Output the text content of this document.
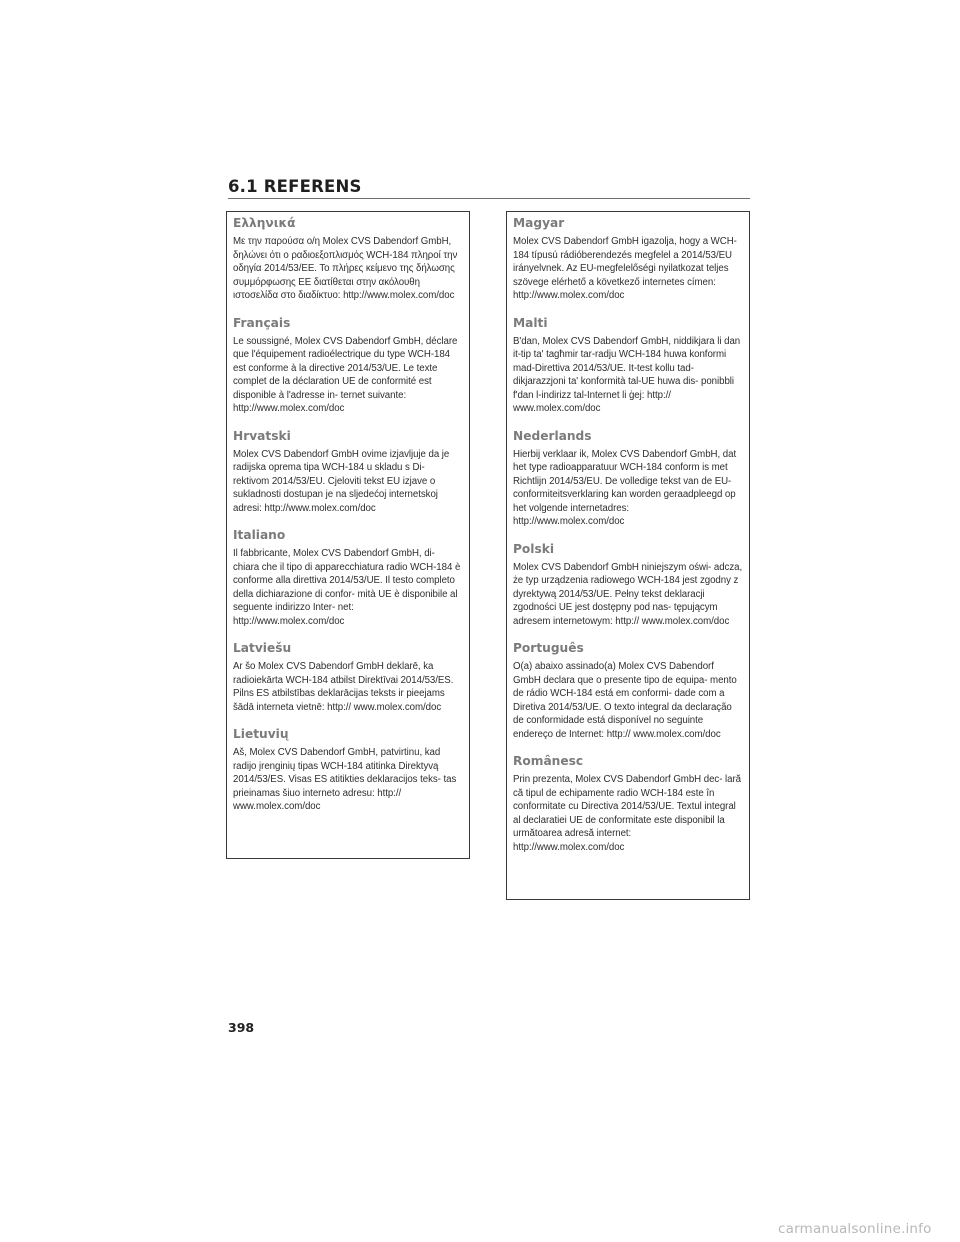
6.1 REFERENS
Ελληνικά

Με την παρούσα ο/η Molex CVS Dabendorf GmbH, δηλώνει ότι ο ραδιοεξοπλισμός WCH-184 πληροί την οδηγία 2014/53/ΕΕ. Το πλήρες κείμενο της δήλωσης συμμόρφωσης ΕΕ διατίθεται στην ακόλουθη ιστοσελίδα στο διαδίκτυο: http://www.molex.com/doc

Français

Le soussigné, Molex CVS Dabendorf GmbH, déclare que l'équipement radioélectrique du type WCH-184 est conforme à la directive 2014/53/UE. Le texte complet de la déclaration UE de conformité est disponible à l'adresse in- ternet suivante: http://www.molex.com/doc

Hrvatski

Molex CVS Dabendorf GmbH ovime izjavljuje da je radijska oprema tipa WCH-184 u skladu s Di- rektivom 2014/53/EU. Cjeloviti tekst EU izjave o sukladnosti dostupan je na sljedećoj internetskoj adresi: http://www.molex.com/doc

Italiano

Il fabbricante, Molex CVS Dabendorf GmbH, di- chiara che il tipo di apparecchiatura radio WCH-184 è conforme alla direttiva 2014/53/UE. Il testo completo della dichiarazione di confor- mità UE è disponibile al seguente indirizzo Inter- net: http://www.molex.com/doc

Latviešu

Ar šo Molex CVS Dabendorf GmbH deklarē, ka radioiekārta WCH-184 atbilst Direktīvai 2014/53/ES. Pilns ES atbilstības deklarācijas teksts ir pieejams šādā interneta vietnē: http:// www.molex.com/doc

Lietuvių

Aš, Molex CVS Dabendorf GmbH, patvirtinu, kad radijo įrenginių tipas WCH-184 atitinka Direktyvą 2014/53/ES. Visas ES atitikties deklaracijos teks- tas prieinamas šiuo interneto adresu: http:// www.molex.com/doc

Magyar

Molex CVS Dabendorf GmbH igazolja, hogy a WCH-184 típusú rádióberendezés megfelel a 2014/53/EU irányelvnek. Az EU-megfelelőségi nyilatkozat teljes szövege elérhető a következő internetes címen: http://www.molex.com/doc

Malti

B'dan, Molex CVS Dabendorf GmbH, niddikjara li dan it-tip ta' tagħmir tar-radju WCH-184 huwa konformi mad-Direttiva 2014/53/UE. It-test kollu tad-dikjarazzjoni ta' konformità tal-UE huwa dis- ponibbli f'dan l-indirizz tal-Internet li ġej: http:// www.molex.com/doc

Nederlands

Hierbij verklaar ik, Molex CVS Dabendorf GmbH, dat het type radioapparatuur WCH-184 conform is met Richtlijn 2014/53/EU. De volledige tekst van de EU-conformiteitsverklaring kan worden geraadpleegd op het volgende internetadres: http://www.molex.com/doc

Polski

Molex CVS Dabendorf GmbH niniejszym oświ- adcza, że typ urządzenia radiowego WCH-184 jest zgodny z dyrektywą 2014/53/UE. Pełny tekst deklaracji zgodności UE jest dostępny pod nas- tępującym adresem internetowym: http:// www.molex.com/doc

Português

O(a) abaixo assinado(a) Molex CVS Dabendorf GmbH declara que o presente tipo de equipa- mento de rádio WCH-184 está em conformi- dade com a Diretiva 2014/53/UE. O texto integral da declaração de conformidade está disponível no seguinte endereço de Internet: http:// www.molex.com/doc

Românesc

Prin prezenta, Molex CVS Dabendorf GmbH dec- lară că tipul de echipamente radio WCH-184 este în conformitate cu Directiva 2014/53/UE. Textul integral al declaratiei UE de conformitate este disponibil la următoarea adresă internet: http://www.molex.com/doc

398
carmanualsonline.info
